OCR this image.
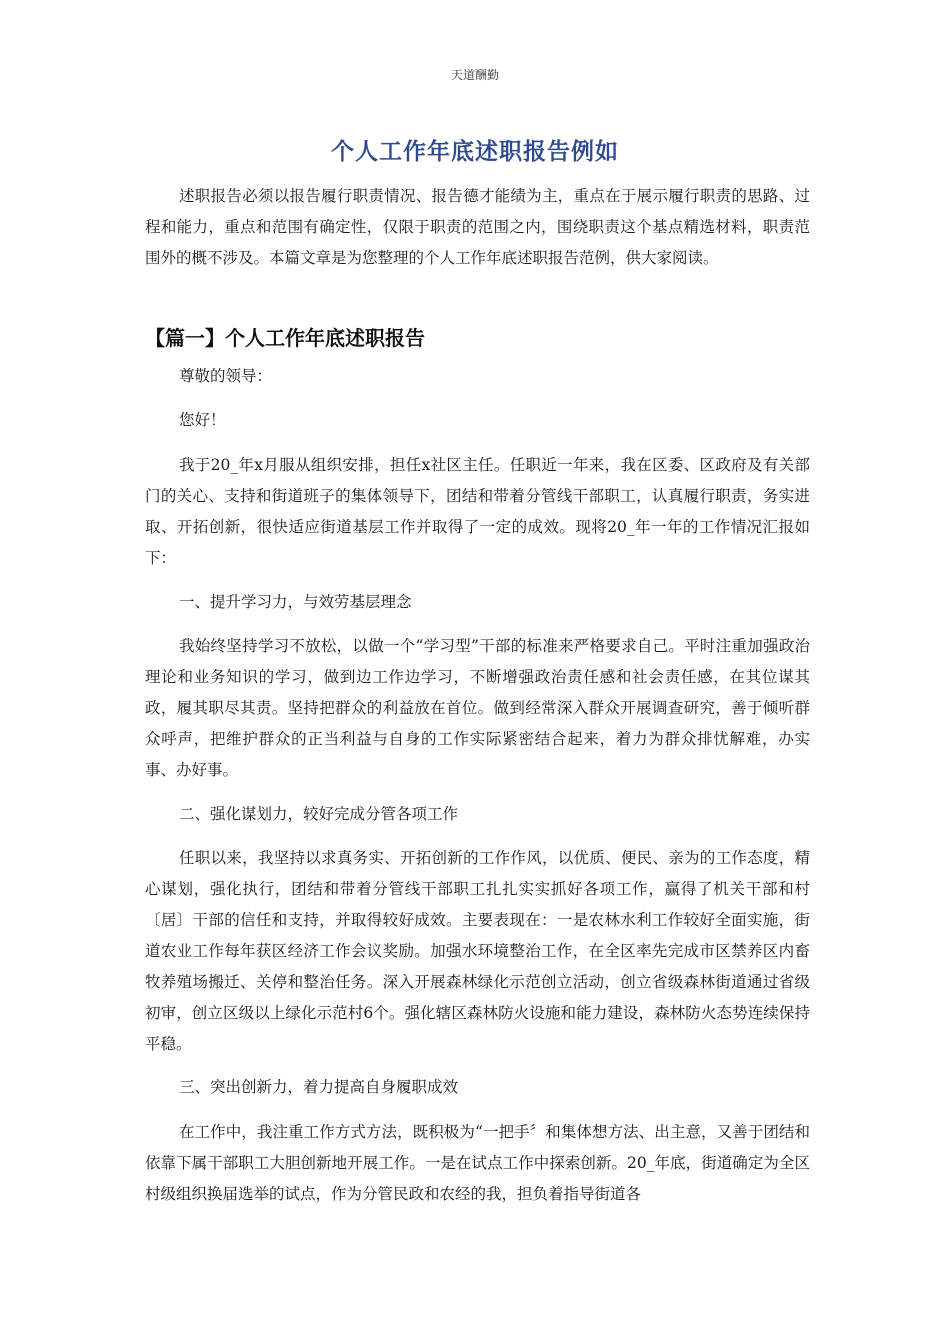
天道酬勤
个人工作年底述职报告例如
述职报告必须以报告履行职责情况、报告德才能绩为主，重点在于展示履行职责的思路、过程和能力，重点和范围有确定性，仅限于职责的范围之内，围绕职责这个基点精选材料，职责范围外的概不涉及。本篇文章是为您整理的个人工作年底述职报告范例，供大家阅读。
【篇一】个人工作年底述职报告
尊敬的领导：
您好！
我于20_年x月服从组织安排，担任x社区主任。任职近一年来，我在区委、区政府及有关部门的关心、支持和街道班子的集体领导下，团结和带着分管线干部职工，认真履行职责，务实进取、开拓创新，很快适应街道基层工作并取得了一定的成效。现将20_年一年的工作情况汇报如下：
一、提升学习力，与效劳基层理念
我始终坚持学习不放松，以做一个“学习型”干部的标准来严格要求自己。平时注重加强政治理论和业务知识的学习，做到边工作边学习，不断增强政治责任感和社会责任感，在其位谋其政，履其职尽其责。坚持把群众的利益放在首位。做到经常深入群众开展调查研究，善于倾听群众呼声，把维护群众的正当利益与自身的工作实际紧密结合起来，着力为群众排忧解难，办实事、办好事。
二、强化谋划力，较好完成分管各项工作
任职以来，我坚持以求真务实、开拓创新的工作作风，以优质、便民、亲为的工作态度，精心谋划，强化执行，团结和带着分管线干部职工扎扎实实抓好各项工作，赢得了机关干部和村〔居〕干部的信任和支持，并取得较好成效。主要表现在：一是农林水利工作较好全面实施，街道农业工作每年获区经济工作会议奖励。加强水环境整治工作，在全区率先完成市区禁养区内畜牧养殖场搬迁、关停和整治任务。深入开展森林绿化示范创立活动，创立省级森林街道通过省级初审，创立区级以上绿化示范村6个。强化辖区森林防火设施和能力建设，森林防火态势连续保持平稳。
三、突出创新力，着力提高自身履职成效
在工作中，我注重工作方式方法，既积极为“一把手〞和集体想方法、出主意，又善于团结和依靠下属干部职工大胆创新地开展工作。一是在试点工作中探索创新。20_年底，街道确定为全区村级组织换届选举的试点，作为分管民政和农经的我，担负着指导街道各
